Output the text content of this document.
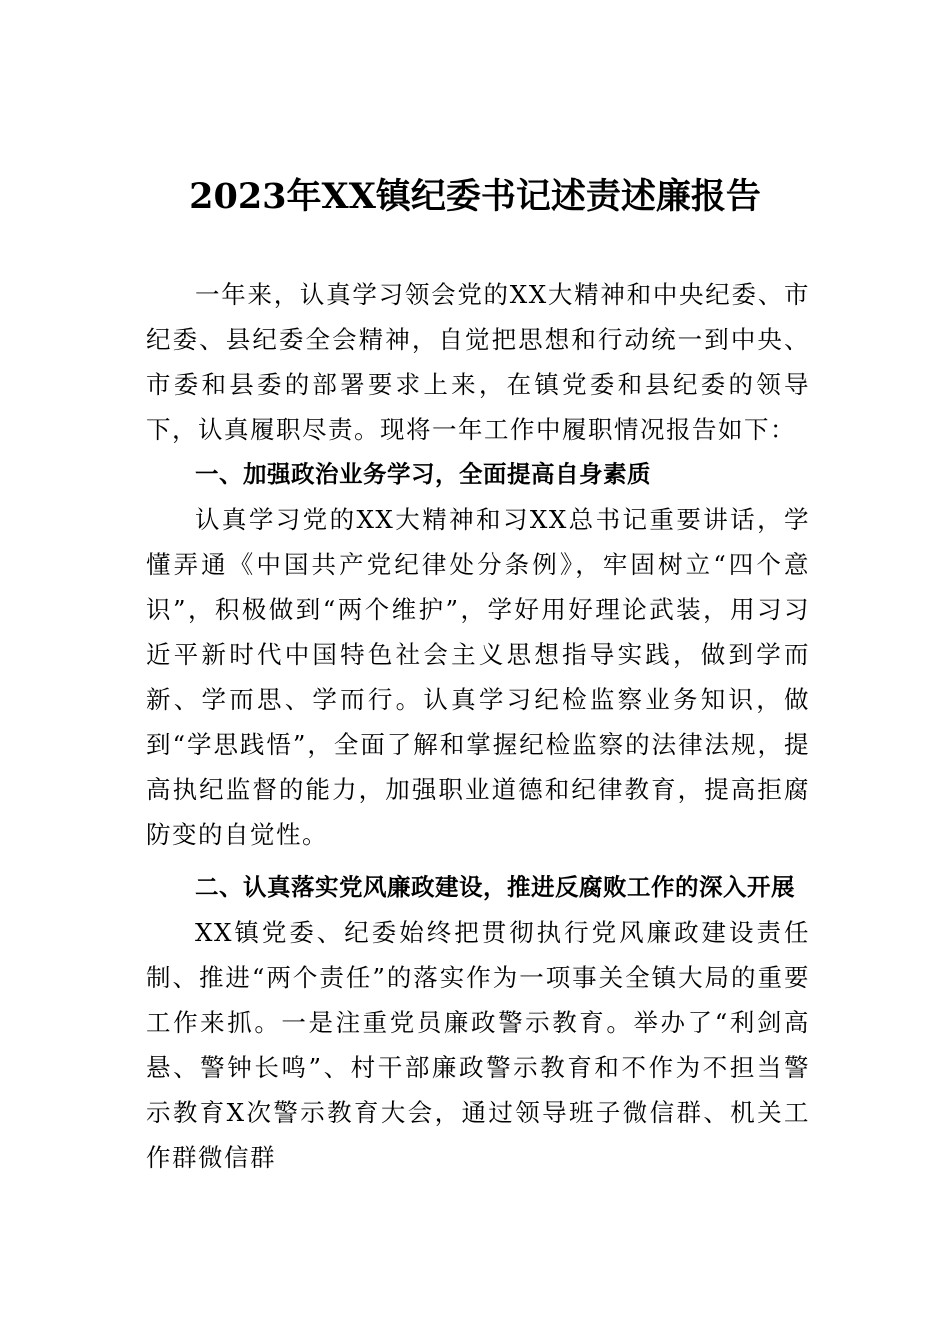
2023年XX镇纪委书记述责述廉报告

一年来，认真学习领会党的XX大精神和中央纪委、市纪委、县纪委全会精神，自觉把思想和行动统一到中央、市委和县委的部署要求上来，在镇党委和县纪委的领导下，认真履职尽责。现将一年工作中履职情况报告如下：

一、加强政治业务学习，全面提高自身素质

认真学习党的XX大精神和习XX总书记重要讲话，学懂弄通《中国共产党纪律处分条例》，牢固树立“四个意识”，积极做到“两个维护”，学好用好理论武装，用习习近平新时代中国特色社会主义思想指导实践，做到学而新、学而思、学而行。认真学习纪检监察业务知识，做到“学思践悟”，全面了解和掌握纪检监察的法律法规，提高执纪监督的能力，加强职业道德和纪律教育，提高拒腐防变的自觉性。

二、认真落实党风廉政建设，推进反腐败工作的深入开展

XX镇党委、纪委始终把贯彻执行党风廉政建设责任制、推进“两个责任”的落实作为一项事关全镇大局的重要工作来抓。一是注重党员廉政警示教育。举办了“利剑高悬、警钟长鸣”、村干部廉政警示教育和不作为不担当警示教育X次警示教育大会，通过领导班子微信群、机关工作群微信群
